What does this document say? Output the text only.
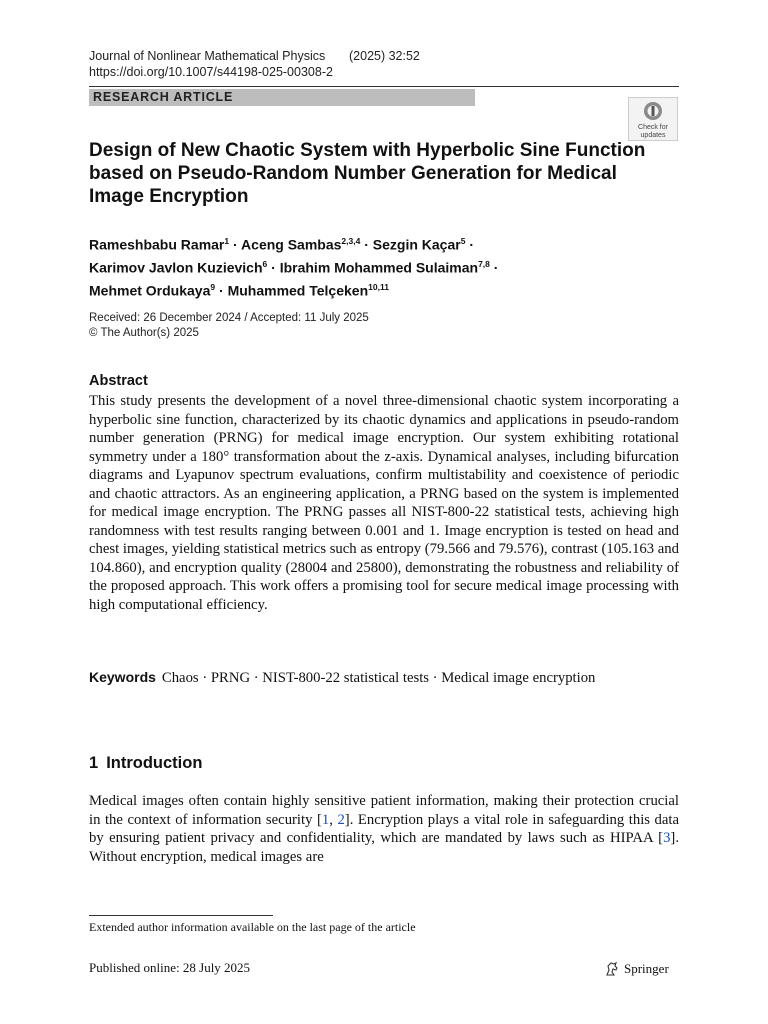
Journal of Nonlinear Mathematical Physics (2025) 32:52
https://doi.org/10.1007/s44198-025-00308-2
RESEARCH ARTICLE
Check for
updates
Design of New Chaotic System with Hyperbolic Sine Function based on Pseudo-Random Number Generation for Medical Image Encryption
Rameshbabu Ramar$^1$ · Aceng Sambas$^{2,3,4}$ · Sezgin Kaçar$^5$ ·
Karimov Javlon Kuzievich$^6$ · Ibrahim Mohammed Sulaiman$^{7,8}$ ·
Mehmet Ordukaya$^9$ · Muhammed Telçeken$^{10,11}$
Received: 26 December 2024 / Accepted: 11 July 2025
© The Author(s) 2025
Abstract
This study presents the development of a novel three-dimensional chaotic system incorporating a hyperbolic sine function, characterized by its chaotic dynamics and applications in pseudo-random number generation (PRNG) for medical image encryption. Our system exhibiting rotational symmetry under a 180° transformation about the z-axis. Dynamical analyses, including bifurcation diagrams and Lyapunov spectrum evaluations, confirm multistability and coexistence of periodic and chaotic attractors. As an engineering application, a PRNG based on the system is implemented for medical image encryption. The PRNG passes all NIST-800-22 statistical tests, achieving high randomness with test results ranging between 0.001 and 1. Image encryption is tested on head and chest images, yielding statistical metrics such as entropy (79.566 and 79.576), contrast (105.163 and 104.860), and encryption quality (28004 and 25800), demonstrating the robustness and reliability of the proposed approach. This work offers a promising tool for secure medical image processing with high computational efficiency.
Keywords Chaos · PRNG · NIST-800-22 statistical tests · Medical image encryption
1 Introduction
Medical images often contain highly sensitive patient information, making their protection crucial in the context of information security [1, 2]. Encryption plays a vital role in safeguarding this data by ensuring patient privacy and confidentiality, which are mandated by laws such as HIPAA [3]. Without encryption, medical images are
Extended author information available on the last page of the article
Published online: 28 July 2025	Springer
